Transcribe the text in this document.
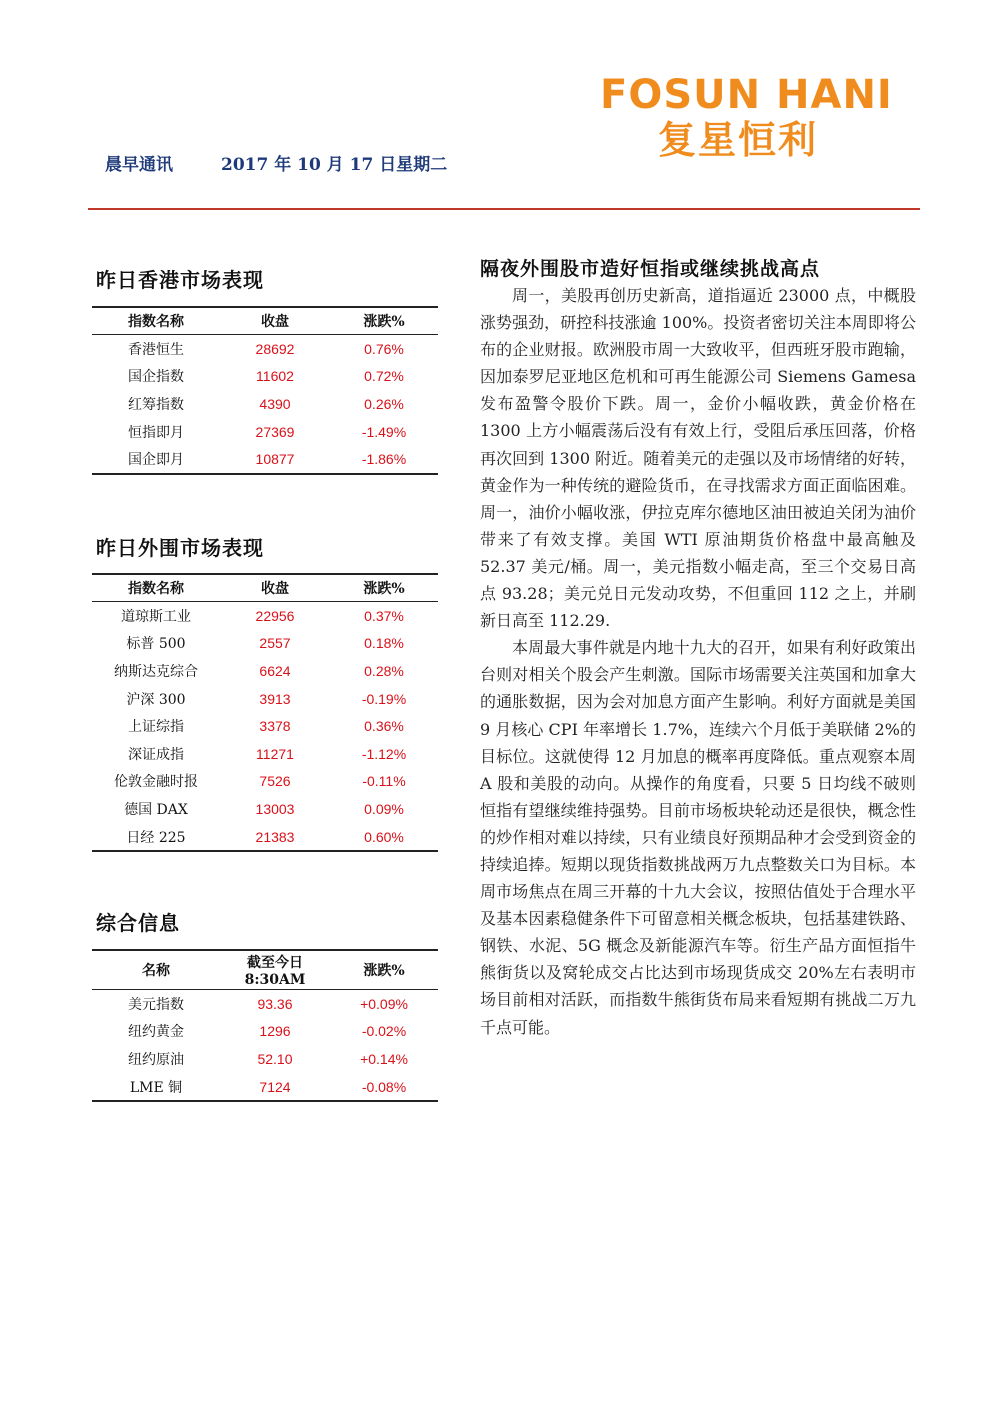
FOSUN HANI
复星恒利
晨早通讯	2017 年 10 月 17 日星期二
昨日香港市场表现
指数名称	收盘	涨跌%
香港恒生	28692	0.76%
国企指数	11602	0.72%
红筹指数	4390	0.26%
恒指即月	27369	-1.49%
国企即月	10877	-1.86%
昨日外围市场表现
指数名称	收盘	涨跌%
道琼斯工业	22956	0.37%
标普 500	2557	0.18%
纳斯达克综合	6624	0.28%
沪深 300	3913	-0.19%
上证综指	3378	0.36%
深证成指	11271	-1.12%
伦敦金融时报	7526	-0.11%
德国 DAX	13003	0.09%
日经 225	21383	0.60%
综合信息
名称	截至今日 8:30AM	涨跌%
美元指数	93.36	+0.09%
纽约黄金	1296	-0.02%
纽约原油	52.10	+0.14%
LME 铜	7124	-0.08%
隔夜外围股市造好恒指或继续挑战高点

周一，美股再创历史新高，道指逼近 23000 点，中概股涨势强劲，研控科技涨逾 100%。投资者密切关注本周即将公布的企业财报。欧洲股市周一大致收平，但西班牙股市跑输，因加泰罗尼亚地区危机和可再生能源公司 Siemens Gamesa 发布盈警令股价下跌。周一，金价小幅收跌，黄金价格在 1300 上方小幅震荡后没有有效上行，受阻后承压回落，价格再次回到 1300 附近。随着美元的走强以及市场情绪的好转，黄金作为一种传统的避险货币，在寻找需求方面正面临困难。周一，油价小幅收涨，伊拉克库尔德地区油田被迫关闭为油价带来了有效支撑。美国 WTI 原油期货价格盘中最高触及 52.37 美元/桶。周一，美元指数小幅走高，至三个交易日高点 93.28；美元兑日元发动攻势，不但重回 112 之上，并刷新日高至 112.29.

本周最大事件就是内地十九大的召开，如果有利好政策出台则对相关个股会产生刺激。国际市场需要关注英国和加拿大的通胀数据，因为会对加息方面产生影响。利好方面就是美国 9 月核心 CPI 年率增长 1.7%，连续六个月低于美联储 2%的目标位。这就使得 12 月加息的概率再度降低。重点观察本周 A 股和美股的动向。从操作的角度看，只要 5 日均线不破则恒指有望继续维持强势。目前市场板块轮动还是很快，概念性的炒作相对难以持续，只有业绩良好预期品种才会受到资金的持续追捧。短期以现货指数挑战两万九点整数关口为目标。本周市场焦点在周三开幕的十九大会议，按照估值处于合理水平及基本因素稳健条件下可留意相关概念板块，包括基建铁路、钢铁、水泥、5G 概念及新能源汽车等。衍生产品方面恒指牛熊街货以及窝轮成交占比达到市场现货成交 20%左右表明市场目前相对活跃，而指数牛熊街货布局来看短期有挑战二万九千点可能。
